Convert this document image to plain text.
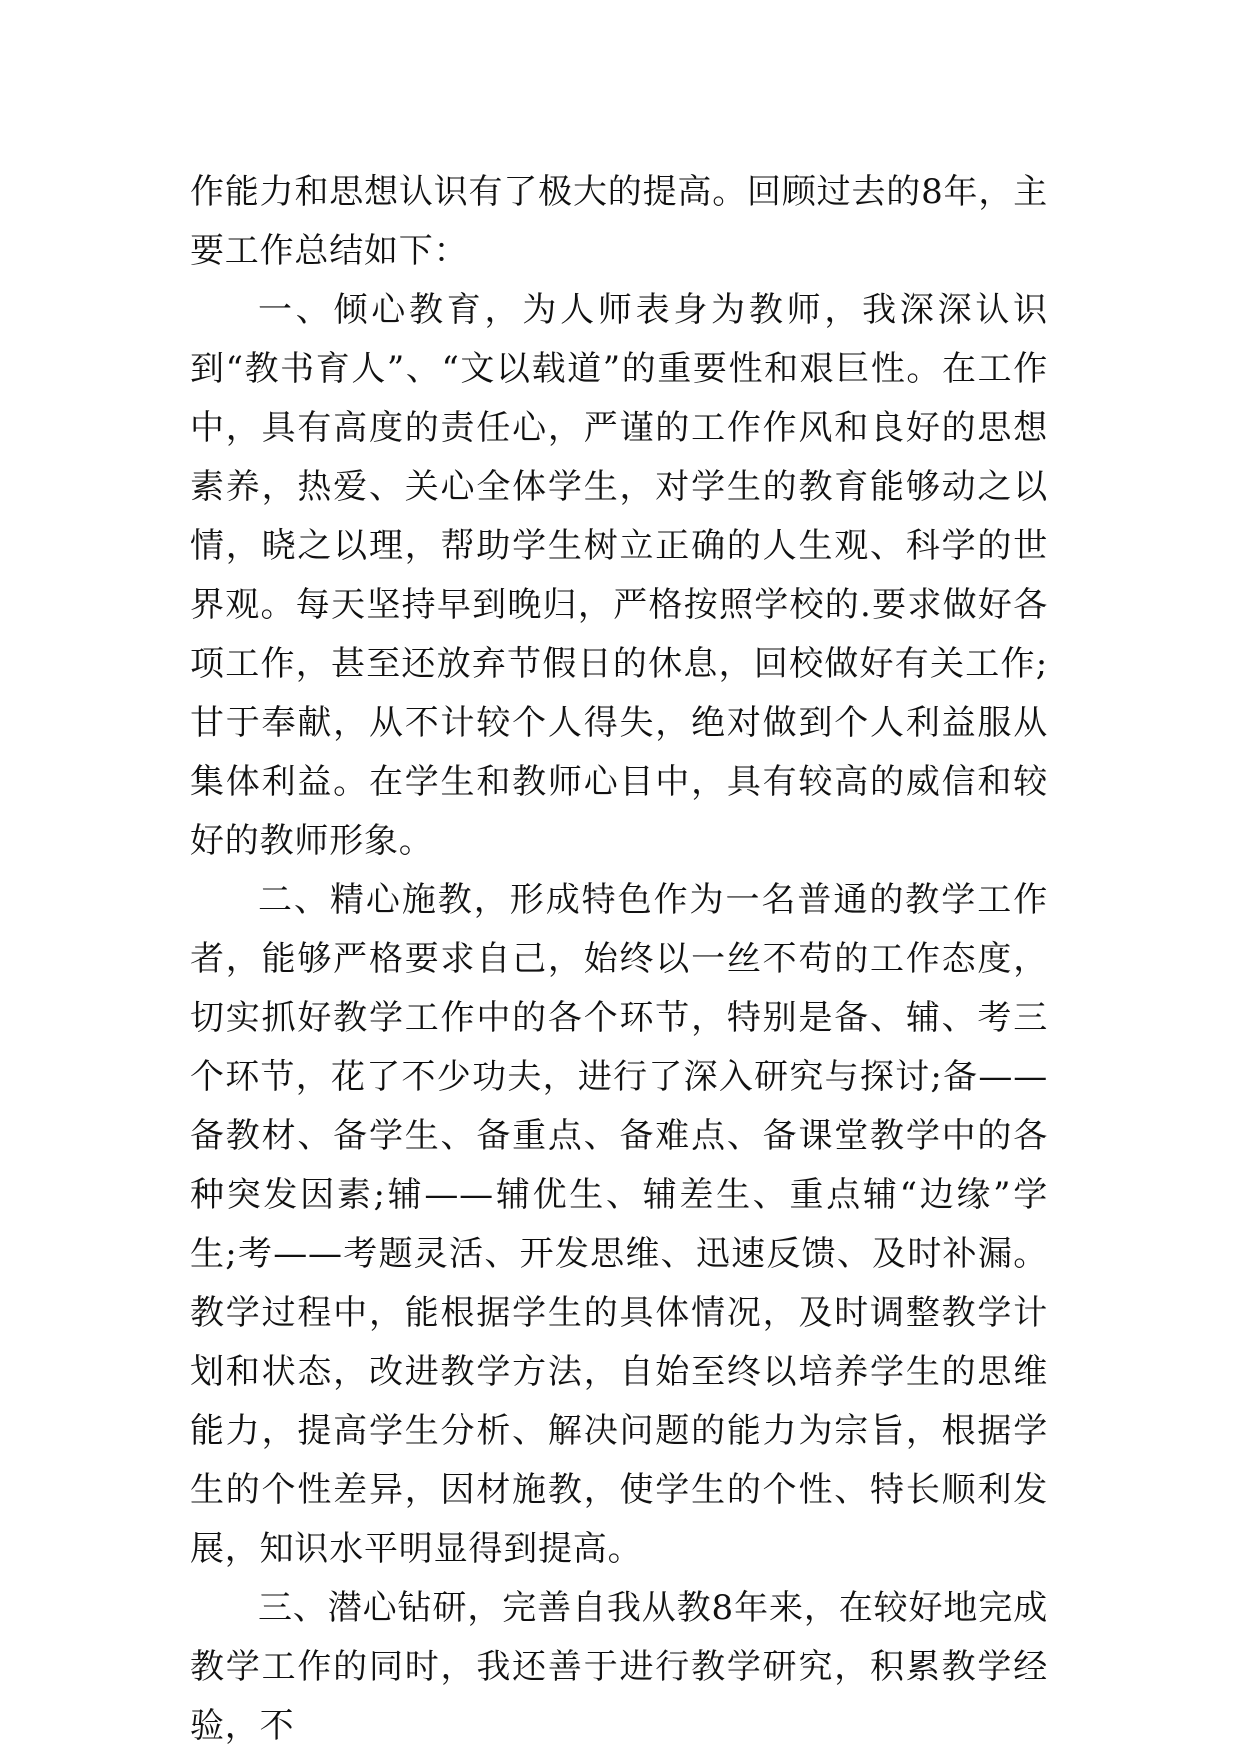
作能力和思想认识有了极大的提高。回顾过去的8年，主要工作总结如下：

一、倾心教育，为人师表身为教师，我深深认识到“教书育人”、“文以载道”的重要性和艰巨性。在工作中，具有高度的责任心，严谨的工作作风和良好的思想素养，热爱、关心全体学生，对学生的教育能够动之以情，晓之以理，帮助学生树立正确的人生观、科学的世界观。每天坚持早到晚归，严格按照学校的.要求做好各项工作，甚至还放弃节假日的休息，回校做好有关工作;甘于奉献，从不计较个人得失，绝对做到个人利益服从集体利益。在学生和教师心目中，具有较高的威信和较好的教师形象。

二、精心施教，形成特色作为一名普通的教学工作者，能够严格要求自己，始终以一丝不苟的工作态度，切实抓好教学工作中的各个环节，特别是备、辅、考三个环节，花了不少功夫，进行了深入研究与探讨;备——备教材、备学生、备重点、备难点、备课堂教学中的各种突发因素;辅——辅优生、辅差生、重点辅“边缘”学生;考——考题灵活、开发思维、迅速反馈、及时补漏。教学过程中，能根据学生的具体情况，及时调整教学计划和状态，改进教学方法，自始至终以培养学生的思维能力，提高学生分析、解决问题的能力为宗旨，根据学生的个性差异，因材施教，使学生的个性、特长顺利发展，知识水平明显得到提高。

三、潜心钻研，完善自我从教8年来，在较好地完成教学工作的同时，我还善于进行教学研究，积累教学经验，不
